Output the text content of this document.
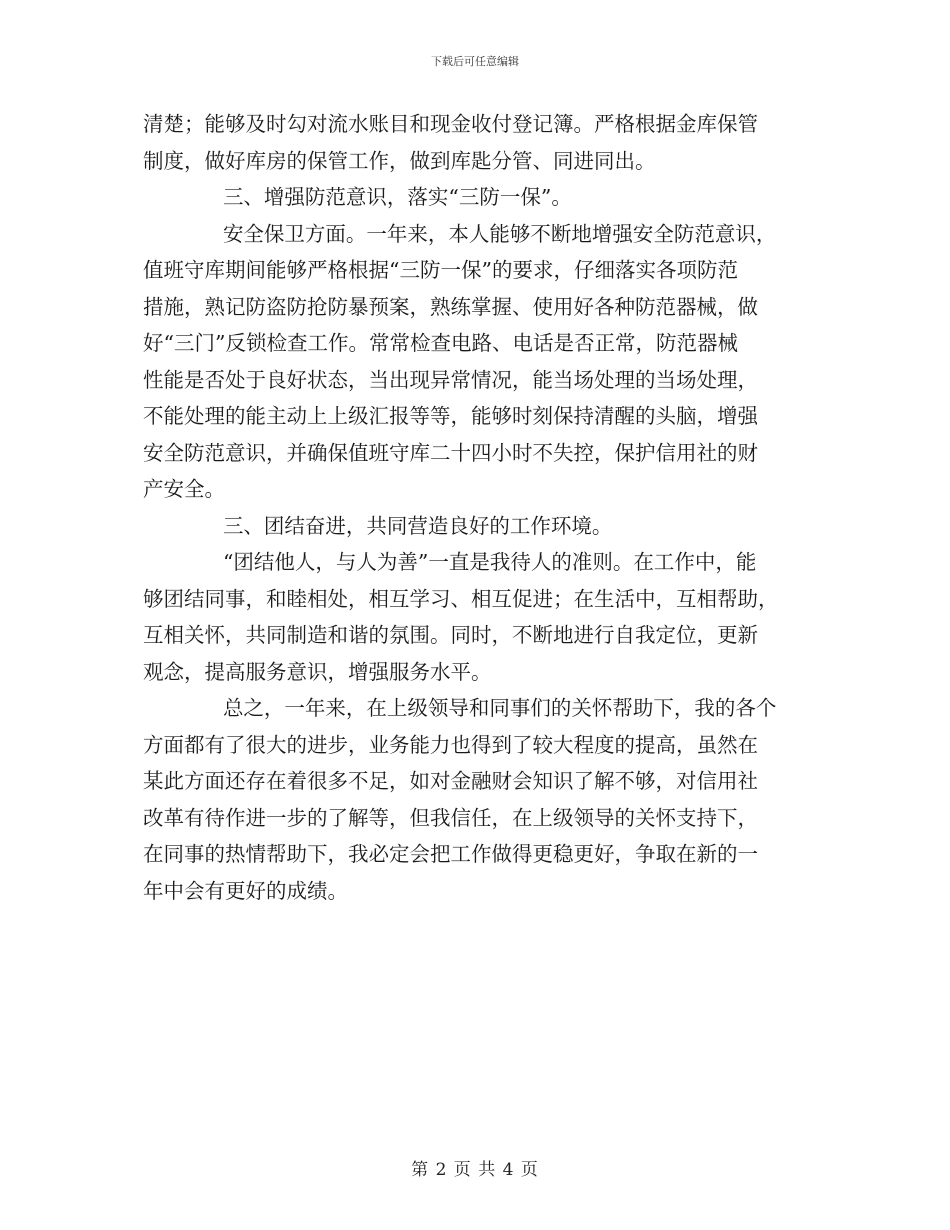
下载后可任意编辑
清楚；能够及时勾对流水账目和现金收付登记簿。严格根据金库保管
制度，做好库房的保管工作，做到库匙分管、同进同出。
三、增强防范意识，落实“三防一保”。
安全保卫方面。一年来，本人能够不断地增强安全防范意识，
值班守库期间能够严格根据“三防一保”的要求，仔细落实各项防范
措施，熟记防盗防抢防暴预案，熟练掌握、使用好各种防范器械，做
好“三门”反锁检查工作。常常检查电路、电话是否正常，防范器械
性能是否处于良好状态，当出现异常情况，能当场处理的当场处理，
不能处理的能主动上上级汇报等等，能够时刻保持清醒的头脑，增强
安全防范意识，并确保值班守库二十四小时不失控，保护信用社的财
产安全。
三、团结奋进，共同营造良好的工作环境。
“团结他人，与人为善”一直是我待人的准则。在工作中，能
够团结同事，和睦相处，相互学习、相互促进；在生活中，互相帮助，
互相关怀，共同制造和谐的氛围。同时，不断地进行自我定位，更新
观念，提高服务意识，增强服务水平。
总之，一年来，在上级领导和同事们的关怀帮助下，我的各个
方面都有了很大的进步，业务能力也得到了较大程度的提高，虽然在
某此方面还存在着很多不足，如对金融财会知识了解不够，对信用社
改革有待作进一步的了解等，但我信任，在上级领导的关怀支持下，
在同事的热情帮助下，我必定会把工作做得更稳更好，争取在新的一
年中会有更好的成绩。
第 2 页 共 4 页
